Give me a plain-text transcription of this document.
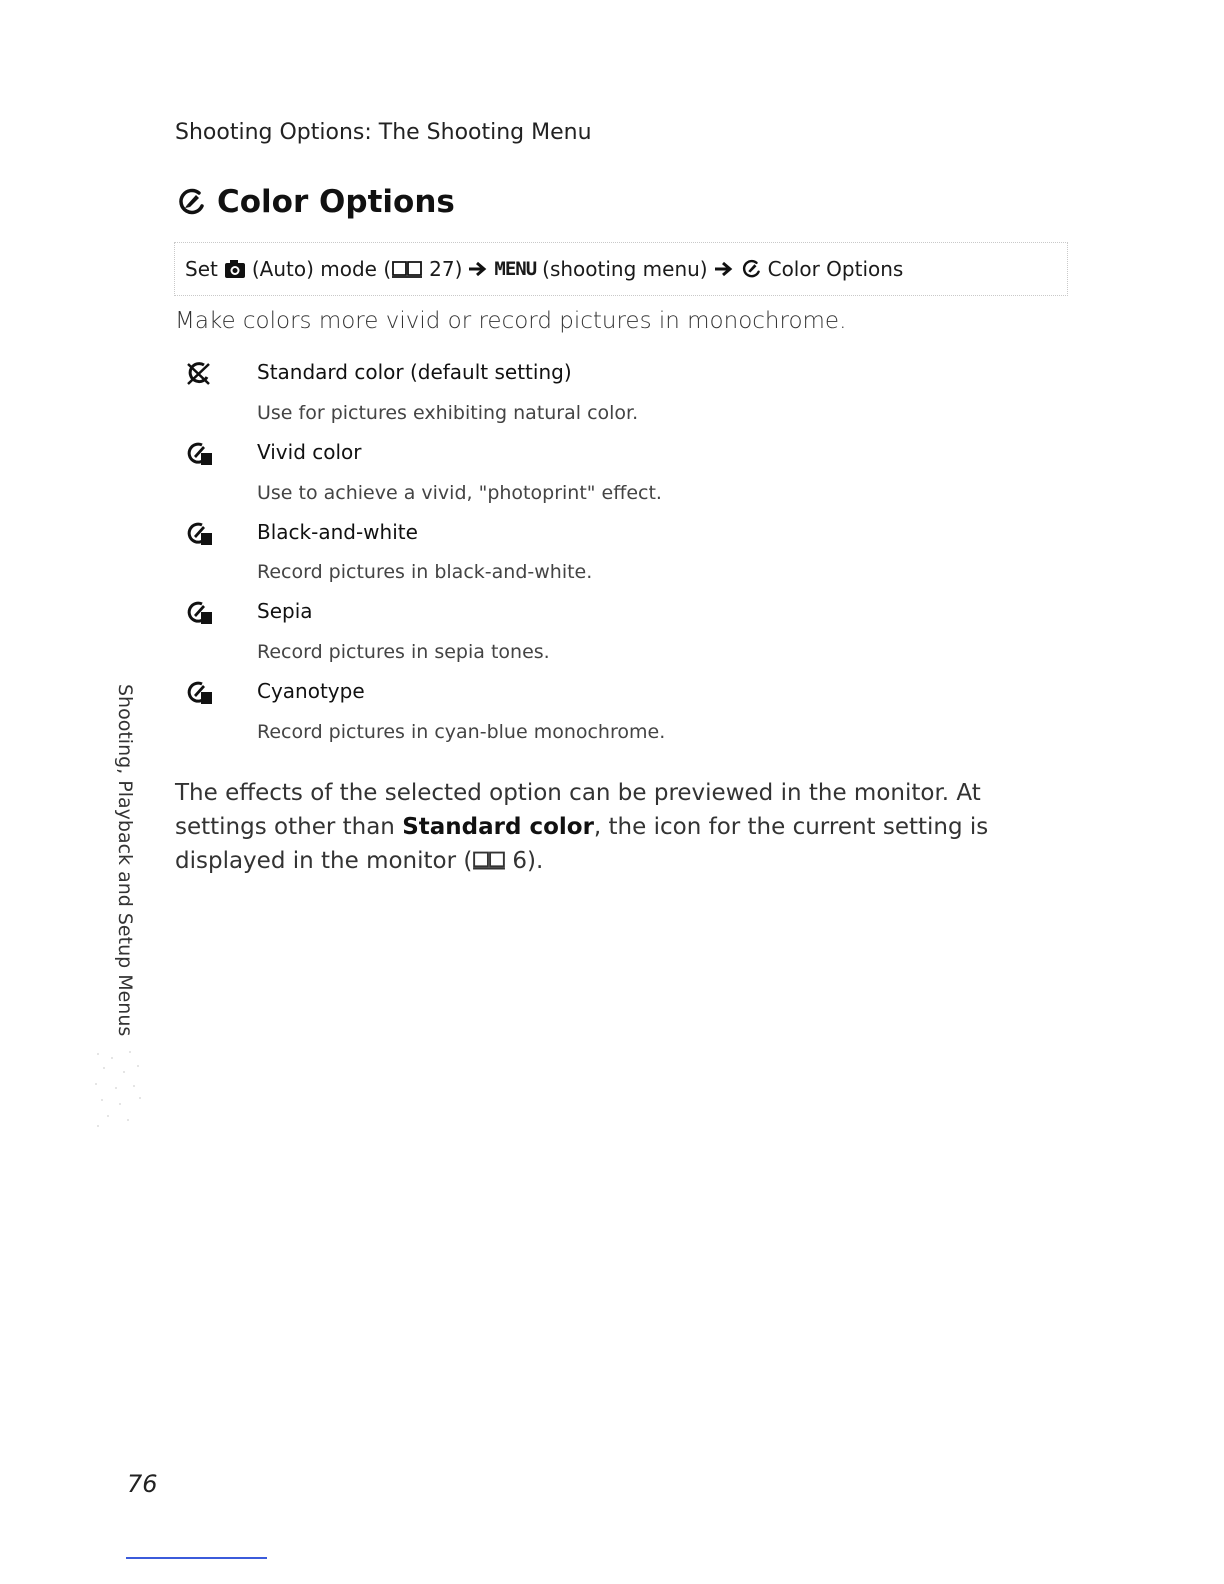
Shooting Options: The Shooting Menu
Color Options
Set (Auto) mode ( 27) MENU (shooting menu)	Color Options
Make colors more vivid or record pictures in monochrome.
Standard color (default setting)
Use for pictures exhibiting natural color.
Vivid color
Use to achieve a vivid, "photoprint" effect.
Black-and-white
Record pictures in black-and-white.
Sepia
Record pictures in sepia tones.
Cyanotype
Record pictures in cyan-blue monochrome.
The effects of the selected option can be previewed in the monitor. At settings other than Standard color, the icon for the current setting is displayed in the monitor ( 6).
Shooting, Playback and Setup Menus
76
